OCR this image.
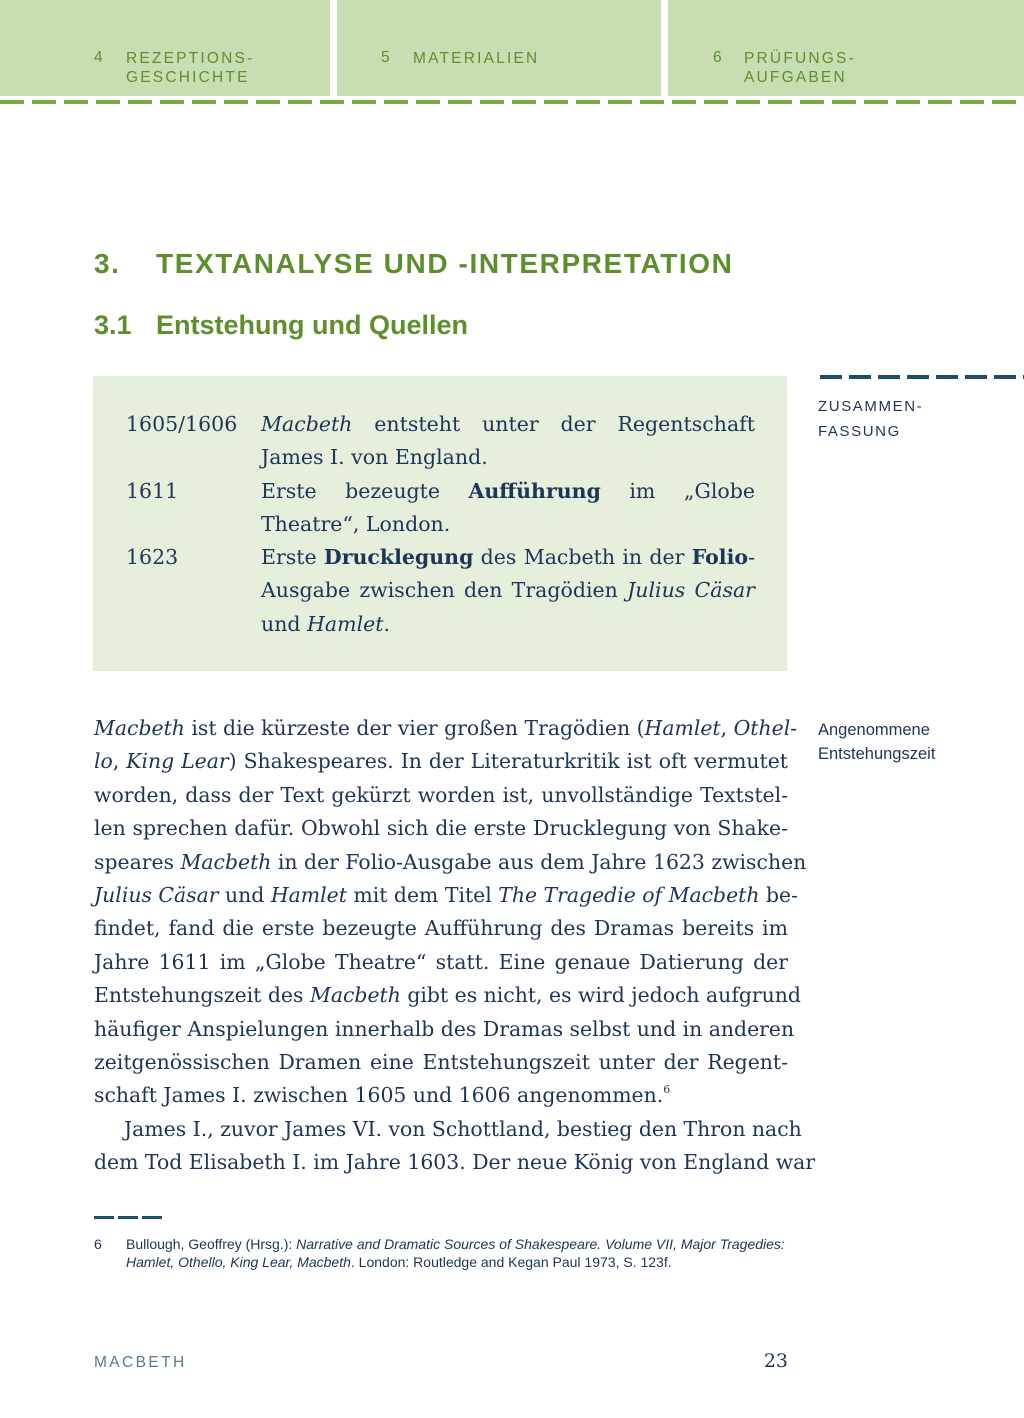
4 REZEPTIONS-
GESCHICHTE
5 MATERIALIEN	6 PRÜFUNGS-
AUFGABEN
3. TEXTANALYSE UND -INTERPRETATION
3.1 Entstehung und Quellen
1605/1606	Macbeth entsteht unter der Regentschaft James I. von England.
1611	Erste bezeugte Aufführung im „Globe Theatre“, London.
1623	Erste Drucklegung des Macbeth in der Folio-Ausgabe zwischen den Tragödien Julius Cäsar und Hamlet.
ZUSAMMEN-
FASSUNG
Angenommene
Entstehungszeit
Macbeth ist die kürzeste der vier großen Tragödien (Hamlet, Othel-
lo, King Lear) Shakespeares. In der Literaturkritik ist oft vermutet
worden, dass der Text gekürzt worden ist, unvollständige Textstel-
len sprechen dafür. Obwohl sich die erste Drucklegung von Shake-
speares Macbeth in der Folio-Ausgabe aus dem Jahre 1623 zwischen
Julius Cäsar und Hamlet mit dem Titel The Tragedie of Macbeth be-
findet, fand die erste bezeugte Aufführung des Dramas bereits im
Jahre 1611 im „Globe Theatre“ statt. Eine genaue Datierung der
Entstehungszeit des Macbeth gibt es nicht, es wird jedoch aufgrund
häufiger Anspielungen innerhalb des Dramas selbst und in anderen
zeitgenössischen Dramen eine Entstehungszeit unter der Regent-
schaft James I. zwischen 1605 und 1606 angenommen.$^6$
James I., zuvor James VI. von Schottland, bestieg den Thron nach
dem Tod Elisabeth I. im Jahre 1603. Der neue König von England war
6 Bullough, Geoffrey (Hrsg.): Narrative and Dramatic Sources of Shakespeare. Volume VII, Major Tragedies: Hamlet, Othello, King Lear, Macbeth. London: Routledge and Kegan Paul 1973, S. 123f.
MACBETH	23
